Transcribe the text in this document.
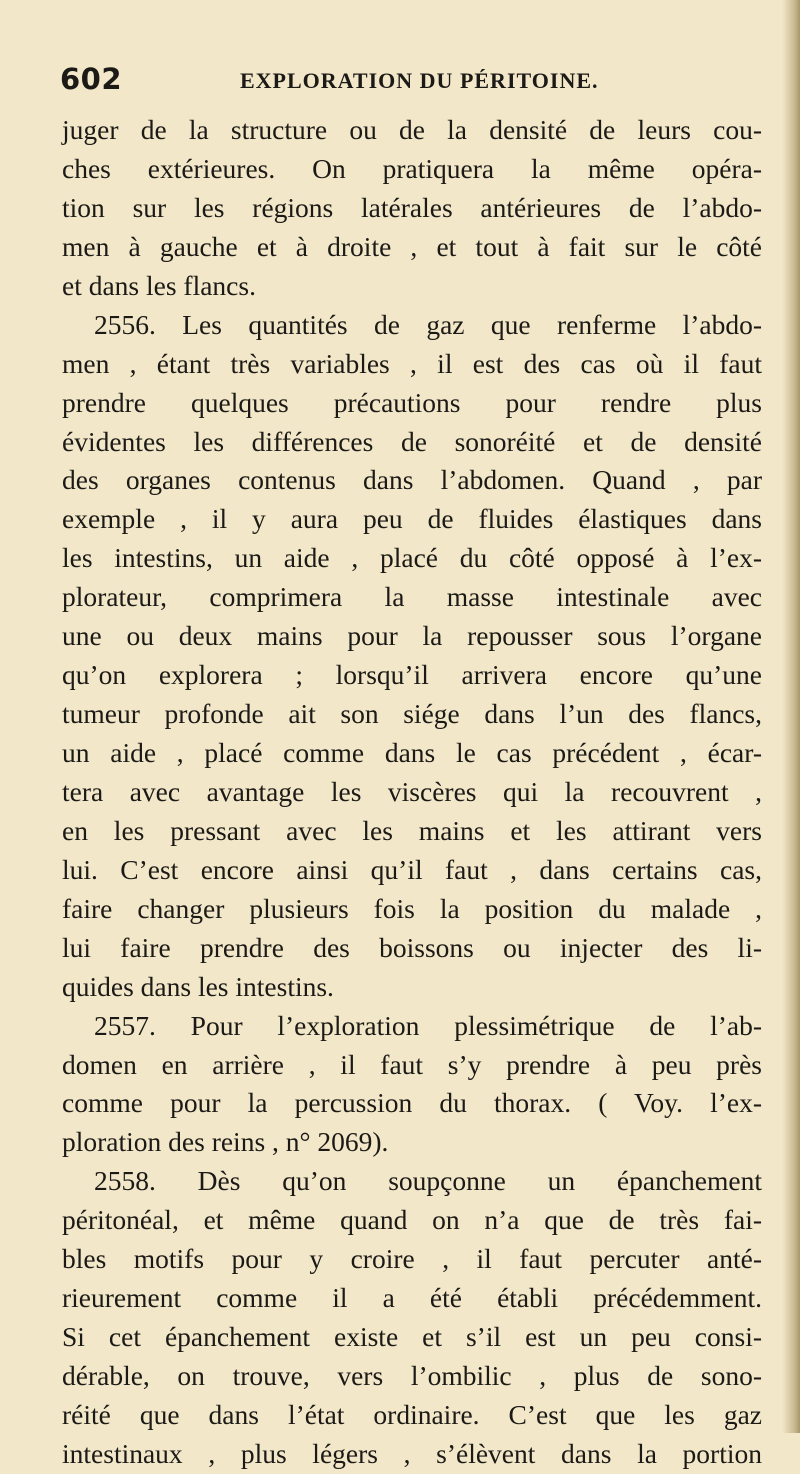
602	EXPLORATION DU PÉRITOINE.
juger de la structure ou de la densité de leurs cou-
ches extérieures. On pratiquera la même opéra-
tion sur les régions latérales antérieures de l’abdo-
men à gauche et à droite , et tout à fait sur le côté
et dans les flancs.
2556. Les quantités de gaz que renferme l’abdo-
men , étant très variables , il est des cas où il faut
prendre quelques précautions pour rendre plus
évidentes les différences de sonoréité et de densité
des organes contenus dans l’abdomen. Quand , par
exemple , il y aura peu de fluides élastiques dans
les intestins, un aide , placé du côté opposé à l’ex-
plorateur, comprimera la masse intestinale avec
une ou deux mains pour la repousser sous l’organe
qu’on explorera ; lorsqu’il arrivera encore qu’une
tumeur profonde ait son siége dans l’un des flancs,
un aide , placé comme dans le cas précédent , écar-
tera avec avantage les viscères qui la recouvrent ,
en les pressant avec les mains et les attirant vers
lui. C’est encore ainsi qu’il faut , dans certains cas,
faire changer plusieurs fois la position du malade ,
lui faire prendre des boissons ou injecter des li-
quides dans les intestins.
2557. Pour l’exploration plessimétrique de l’ab-
domen en arrière , il faut s’y prendre à peu près
comme pour la percussion du thorax. ( Voy. l’ex-
ploration des reins , n° 2069).
2558. Dès qu’on soupçonne un épanchement
péritonéal, et même quand on n’a que de très fai-
bles motifs pour y croire , il faut percuter anté-
rieurement comme il a été établi précédemment.
Si cet épanchement existe et s’il est un peu consi-
dérable, on trouve, vers l’ombilic , plus de sono-
réité que dans l’état ordinaire. C’est que les gaz
intestinaux , plus légers , s’élèvent dans la portion
